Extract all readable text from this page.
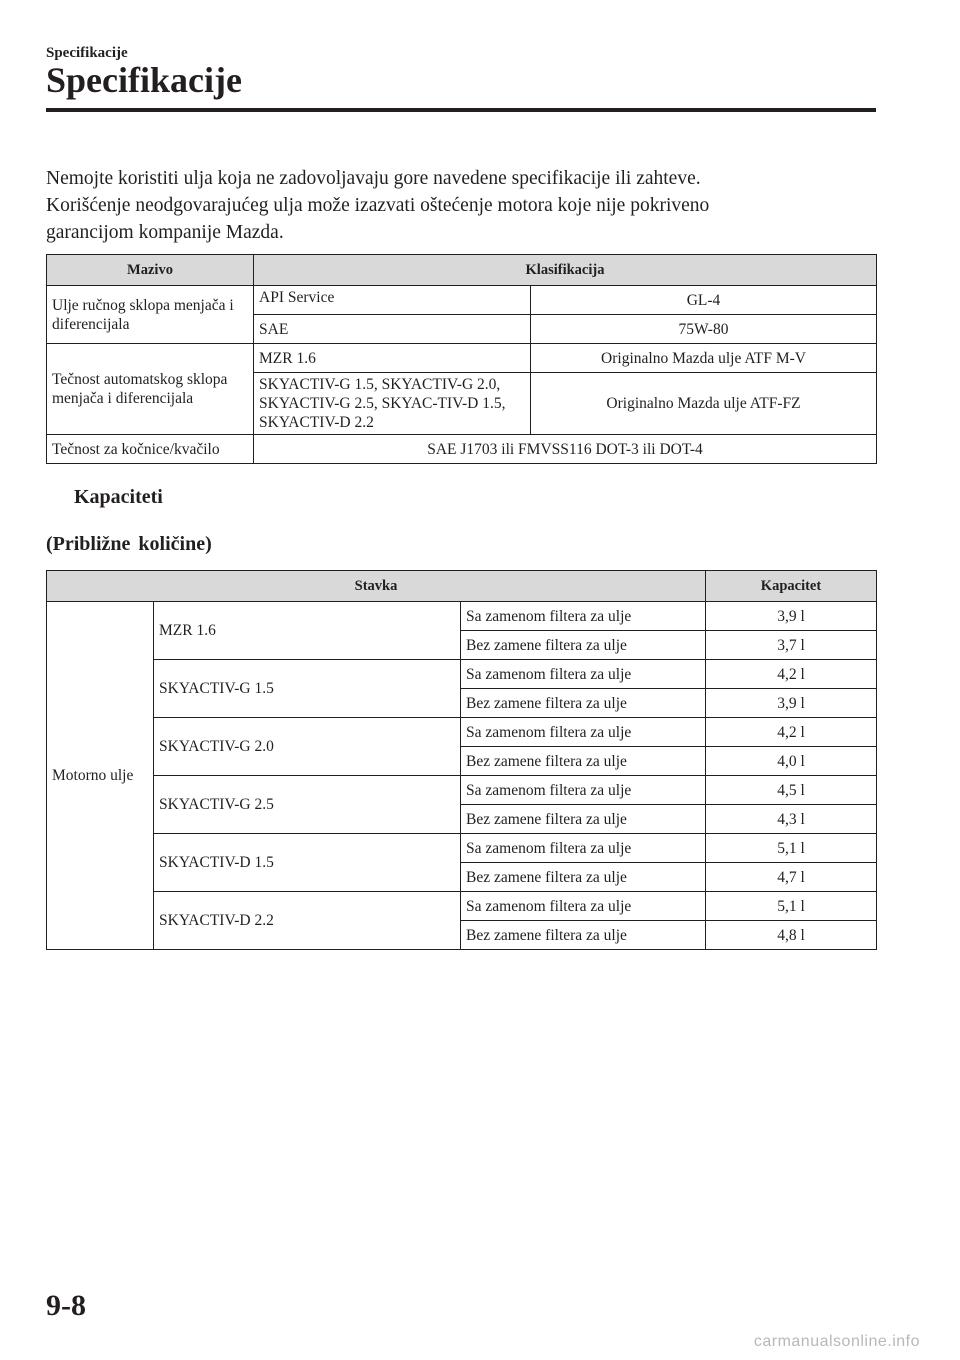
Specifikacije
Specifikacije

Nemojte koristiti ulja koja ne zadovoljavaju gore navedene specifikacije ili zahteve.
Korišćenje neodgovarajućeg ulja može izazvati oštećenje motora koje nije pokriveno
garancijom kompanije Mazda.

Mazivo	Klasifikacija	
Ulje ručnog sklopa menjača i diferencijala	API Service	GL-4
	SAE	75W-80
Tečnost automatskog sklopa menjača i diferencijala	MZR 1.6	Originalno Mazda ulje ATF M-V
	SKYACTIV-G 1.5, SKYACTIV-G 2.0, SKYACTIV-G 2.5, SKYAC-TIV-D 1.5, SKYACTIV-D 2.2	Originalno Mazda ulje ATF-FZ
Tečnost za kočnice/kvačilo	SAE J1703 ili FMVSS116 DOT-3 ili DOT-4	
Kapaciteti
(Približne količine)
Stavka			Kapacitet
Motorno ulje	MZR 1.6	Sa zamenom filtera za ulje	3,9 l
		Bez zamene filtera za ulje	3,7 l
	SKYACTIV-G 1.5	Sa zamenom filtera za ulje	4,2 l
		Bez zamene filtera za ulje	3,9 l
	SKYACTIV-G 2.0	Sa zamenom filtera za ulje	4,2 l
		Bez zamene filtera za ulje	4,0 l
	SKYACTIV-G 2.5	Sa zamenom filtera za ulje	4,5 l
		Bez zamene filtera za ulje	4,3 l
	SKYACTIV-D 1.5	Sa zamenom filtera za ulje	5,1 l
		Bez zamene filtera za ulje	4,7 l
	SKYACTIV-D 2.2	Sa zamenom filtera za ulje	5,1 l
		Bez zamene filtera za ulje	4,8 l
9-8
carmanualsonline.info
